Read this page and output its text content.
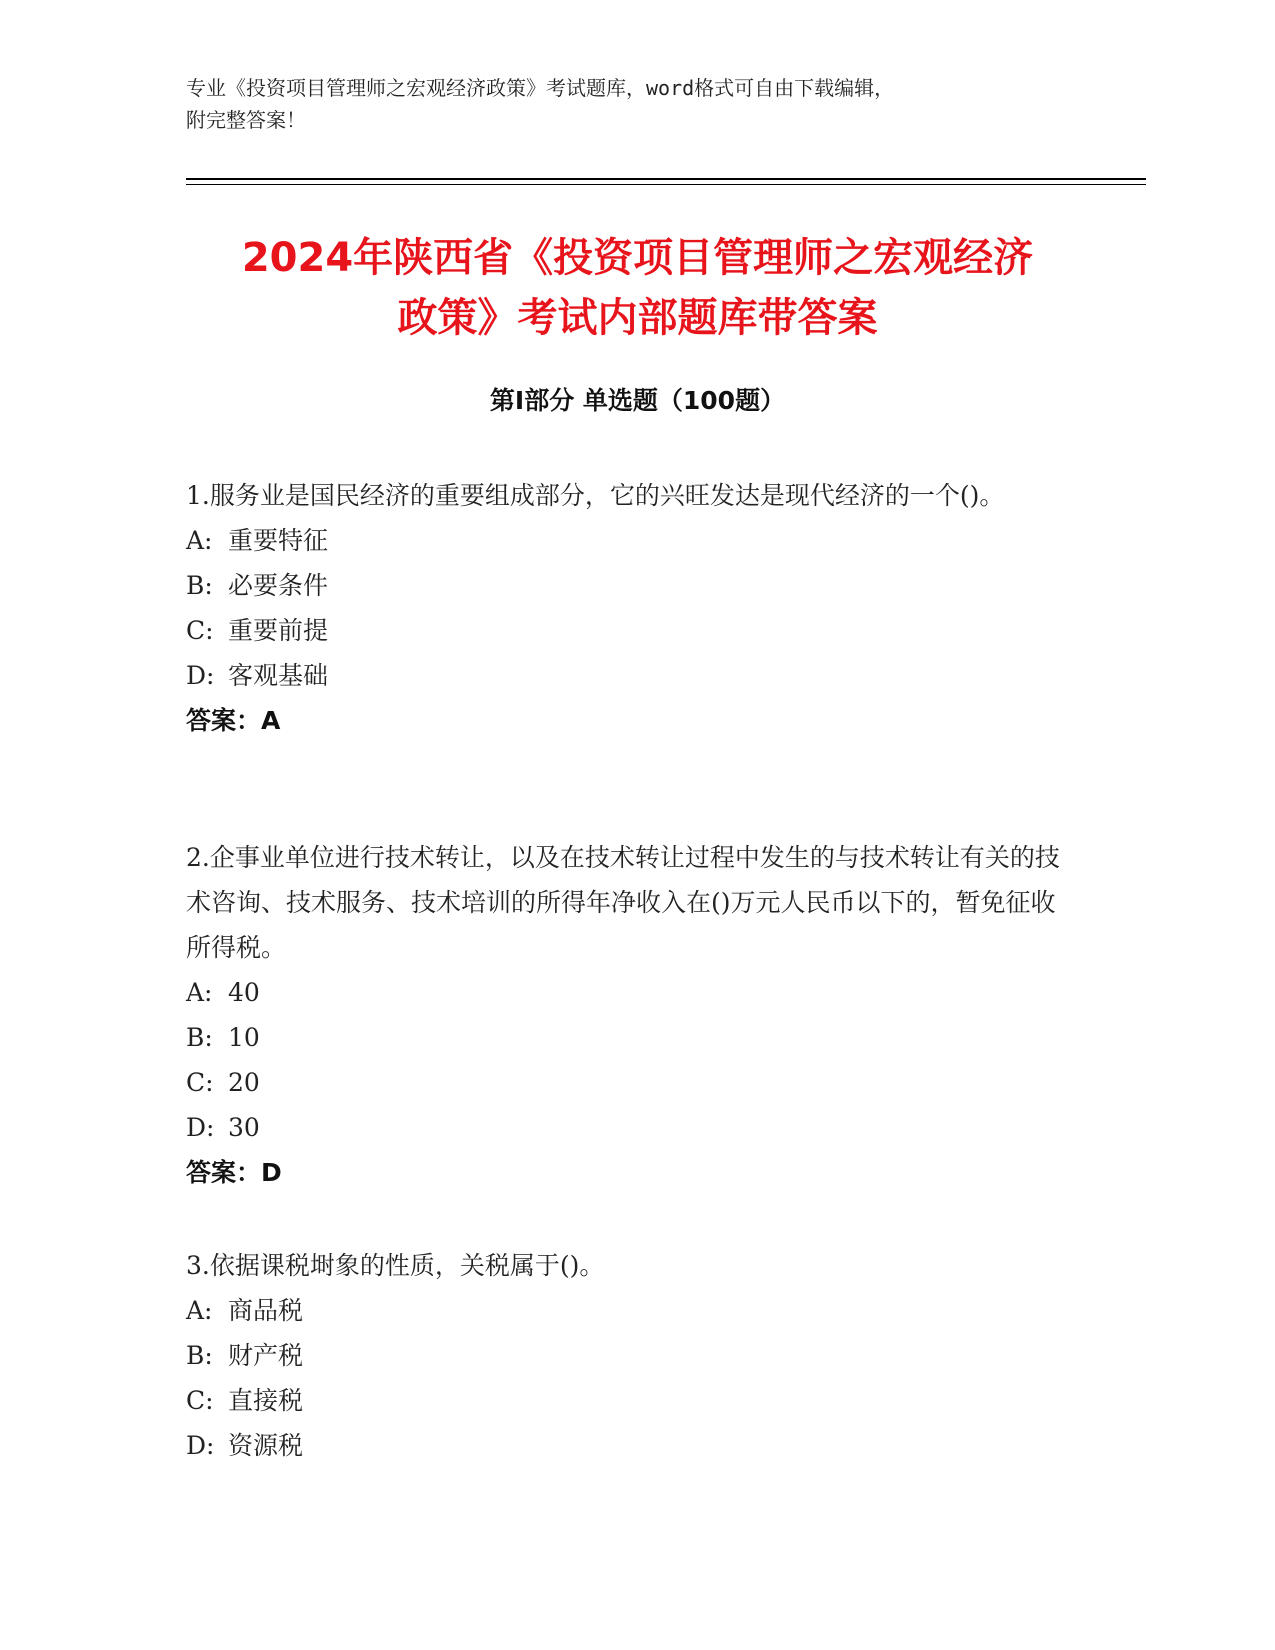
专业《投资项目管理师之宏观经济政策》考试题库，word格式可自由下载编辑，
附完整答案！
2024年陕西省《投资项目管理师之宏观经济
政策》考试内部题库带答案
第Ⅰ部分 单选题（100题）

1.服务业是国民经济的重要组成部分，它的兴旺发达是现代经济的一个()。

A: 重要特征

B: 必要条件

C: 重要前提

D: 客观基础

答案：A

2.企事业单位进行技术转让，以及在技术转让过程中发生的与技术转让有关的技术咨询、技术服务、技术培训的所得年净收入在()万元人民币以下的，暂免征收所得税。

A: 40

B: 10

C: 20

D: 30

答案：D

3.依据课税埘象的性质，关税属于()。

A: 商品税

B: 财产税

C: 直接税

D: 资源税
